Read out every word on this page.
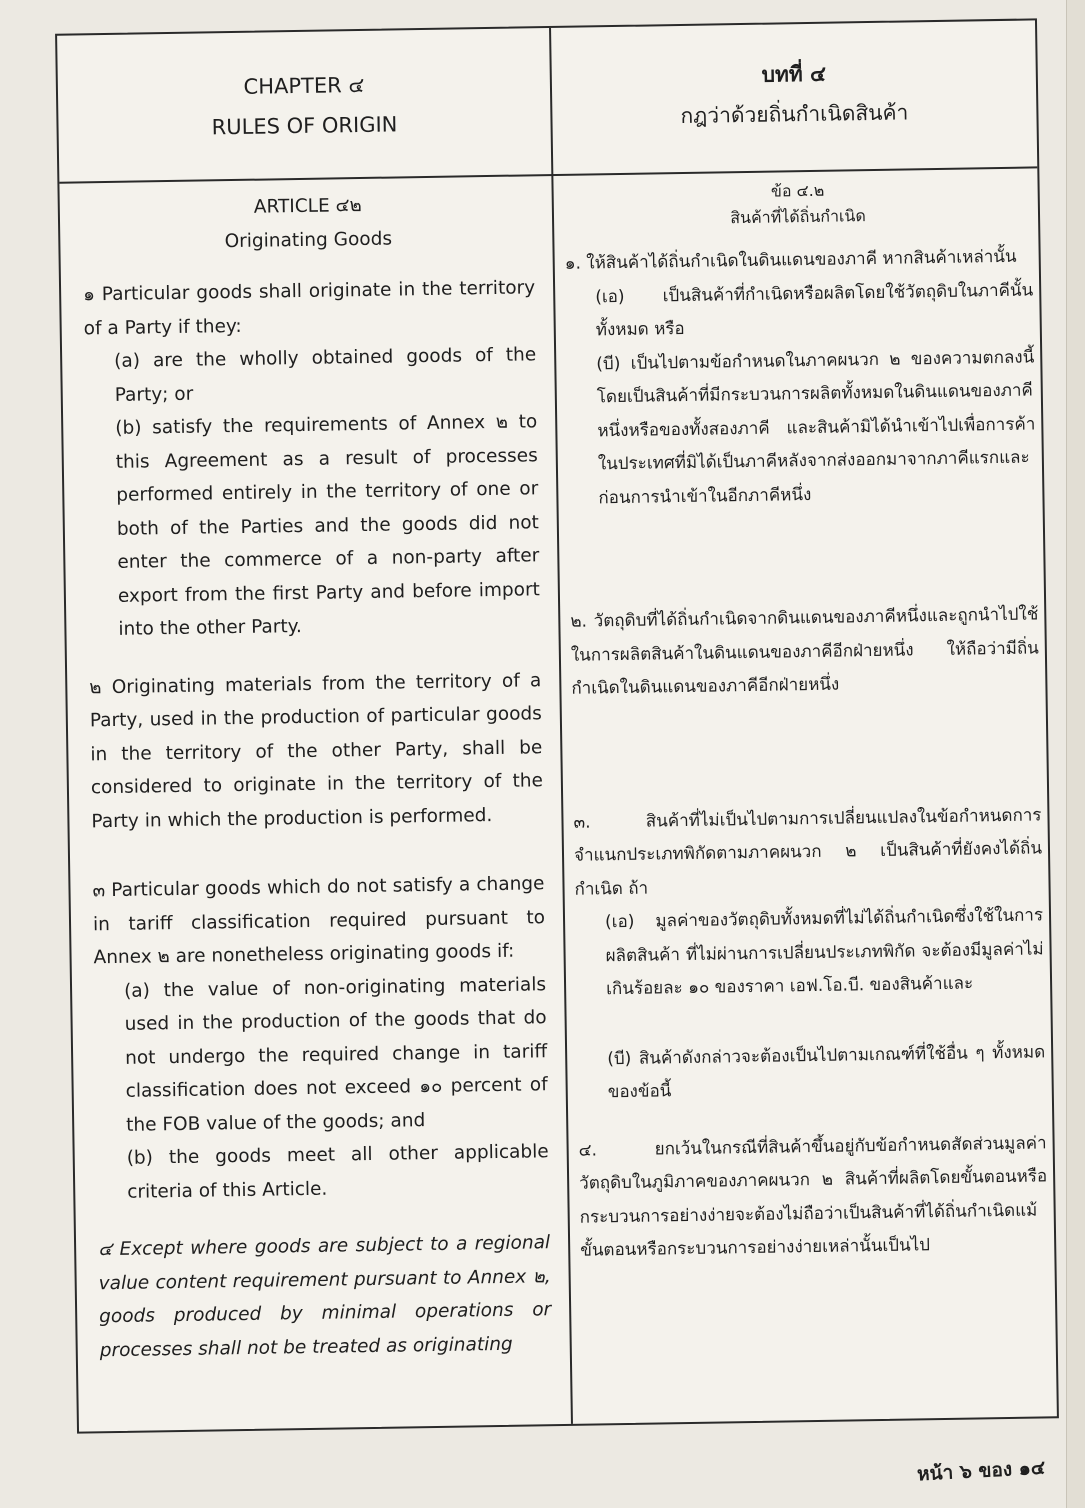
CHAPTER ๔
RULES OF ORIGIN
บทที่ ๔
กฎว่าด้วยถิ่นกำเนิดสินค้า
ARTICLE ๔๒
Originating Goods

๑ Particular goods shall originate in the territory of a Party if they:

(a) are the wholly obtained goods of the Party; or

(b) satisfy the requirements of Annex ๒ to this Agreement as a result of processes performed entirely in the territory of one or both of the Parties and the goods did not enter the commerce of a non-party after export from the first Party and before import into the other Party.

๒ Originating materials from the territory of a Party, used in the production of particular goods in the territory of the other Party, shall be considered to originate in the territory of the Party in which the production is performed.

๓ Particular goods which do not satisfy a change in tariff classification required pursuant to Annex ๒ are nonetheless originating goods if:

(a) the value of non-originating materials used in the production of the goods that do not undergo the required change in tariff classification does not exceed ๑๐ percent of the FOB value of the goods; and

(b) the goods meet all other applicable criteria of this Article.

๔ Except where goods are subject to a regional value content requirement pursuant to Annex ๒, goods produced by minimal operations or processes shall not be treated as originating

ข้อ ๔.๒
สินค้าที่ได้ถิ่นกำเนิด

๑. ให้สินค้าได้ถิ่นกำเนิดในดินแดนของภาคี หากสินค้าเหล่านั้น

(เอ) เป็นสินค้าที่กำเนิดหรือผลิตโดยใช้วัตถุดิบในภาคีนั้นทั้งหมด หรือ

(บี) เป็นไปตามข้อกำหนดในภาคผนวก ๒ ของความตกลงนี้ โดยเป็นสินค้าที่มีกระบวนการผลิตทั้งหมดในดินแดนของภาคีหนึ่งหรือของทั้งสองภาคี และสินค้ามิได้นำเข้าไปเพื่อการค้าในประเทศที่มิได้เป็นภาคีหลังจากส่งออกมาจากภาคีแรกและก่อนการนำเข้าในอีกภาคีหนึ่ง

๒. วัตถุดิบที่ได้ถิ่นกำเนิดจากดินแดนของภาคีหนึ่งและถูกนำไปใช้ในการผลิตสินค้าในดินแดนของภาคีอีกฝ่ายหนึ่ง ให้ถือว่ามีถิ่นกำเนิดในดินแดนของภาคีอีกฝ่ายหนึ่ง

๓. สินค้าที่ไม่เป็นไปตามการเปลี่ยนแปลงในข้อกำหนดการจำแนกประเภทพิกัดตามภาคผนวก ๒ เป็นสินค้าที่ยังคงได้ถิ่นกำเนิด ถ้า

(เอ) มูลค่าของวัตถุดิบทั้งหมดที่ไม่ได้ถิ่นกำเนิดซึ่งใช้ในการผลิตสินค้า ที่ไม่ผ่านการเปลี่ยนประเภทพิกัด จะต้องมีมูลค่าไม่เกินร้อยละ ๑๐ ของราคา เอฟ.โอ.บี. ของสินค้าและ

(บี) สินค้าดังกล่าวจะต้องเป็นไปตามเกณฑ์ที่ใช้อื่น ๆ ทั้งหมดของข้อนี้

๔. ยกเว้นในกรณีที่สินค้าขึ้นอยู่กับข้อกำหนดสัดส่วนมูลค่าวัตถุดิบในภูมิภาคของภาคผนวก ๒ สินค้าที่ผลิตโดยขั้นตอนหรือกระบวนการอย่างง่ายจะต้องไม่ถือว่าเป็นสินค้าที่ได้ถิ่นกำเนิดแม้ขั้นตอนหรือกระบวนการอย่างง่ายเหล่านั้นเป็นไป

หน้า ๖ ของ ๑๔
